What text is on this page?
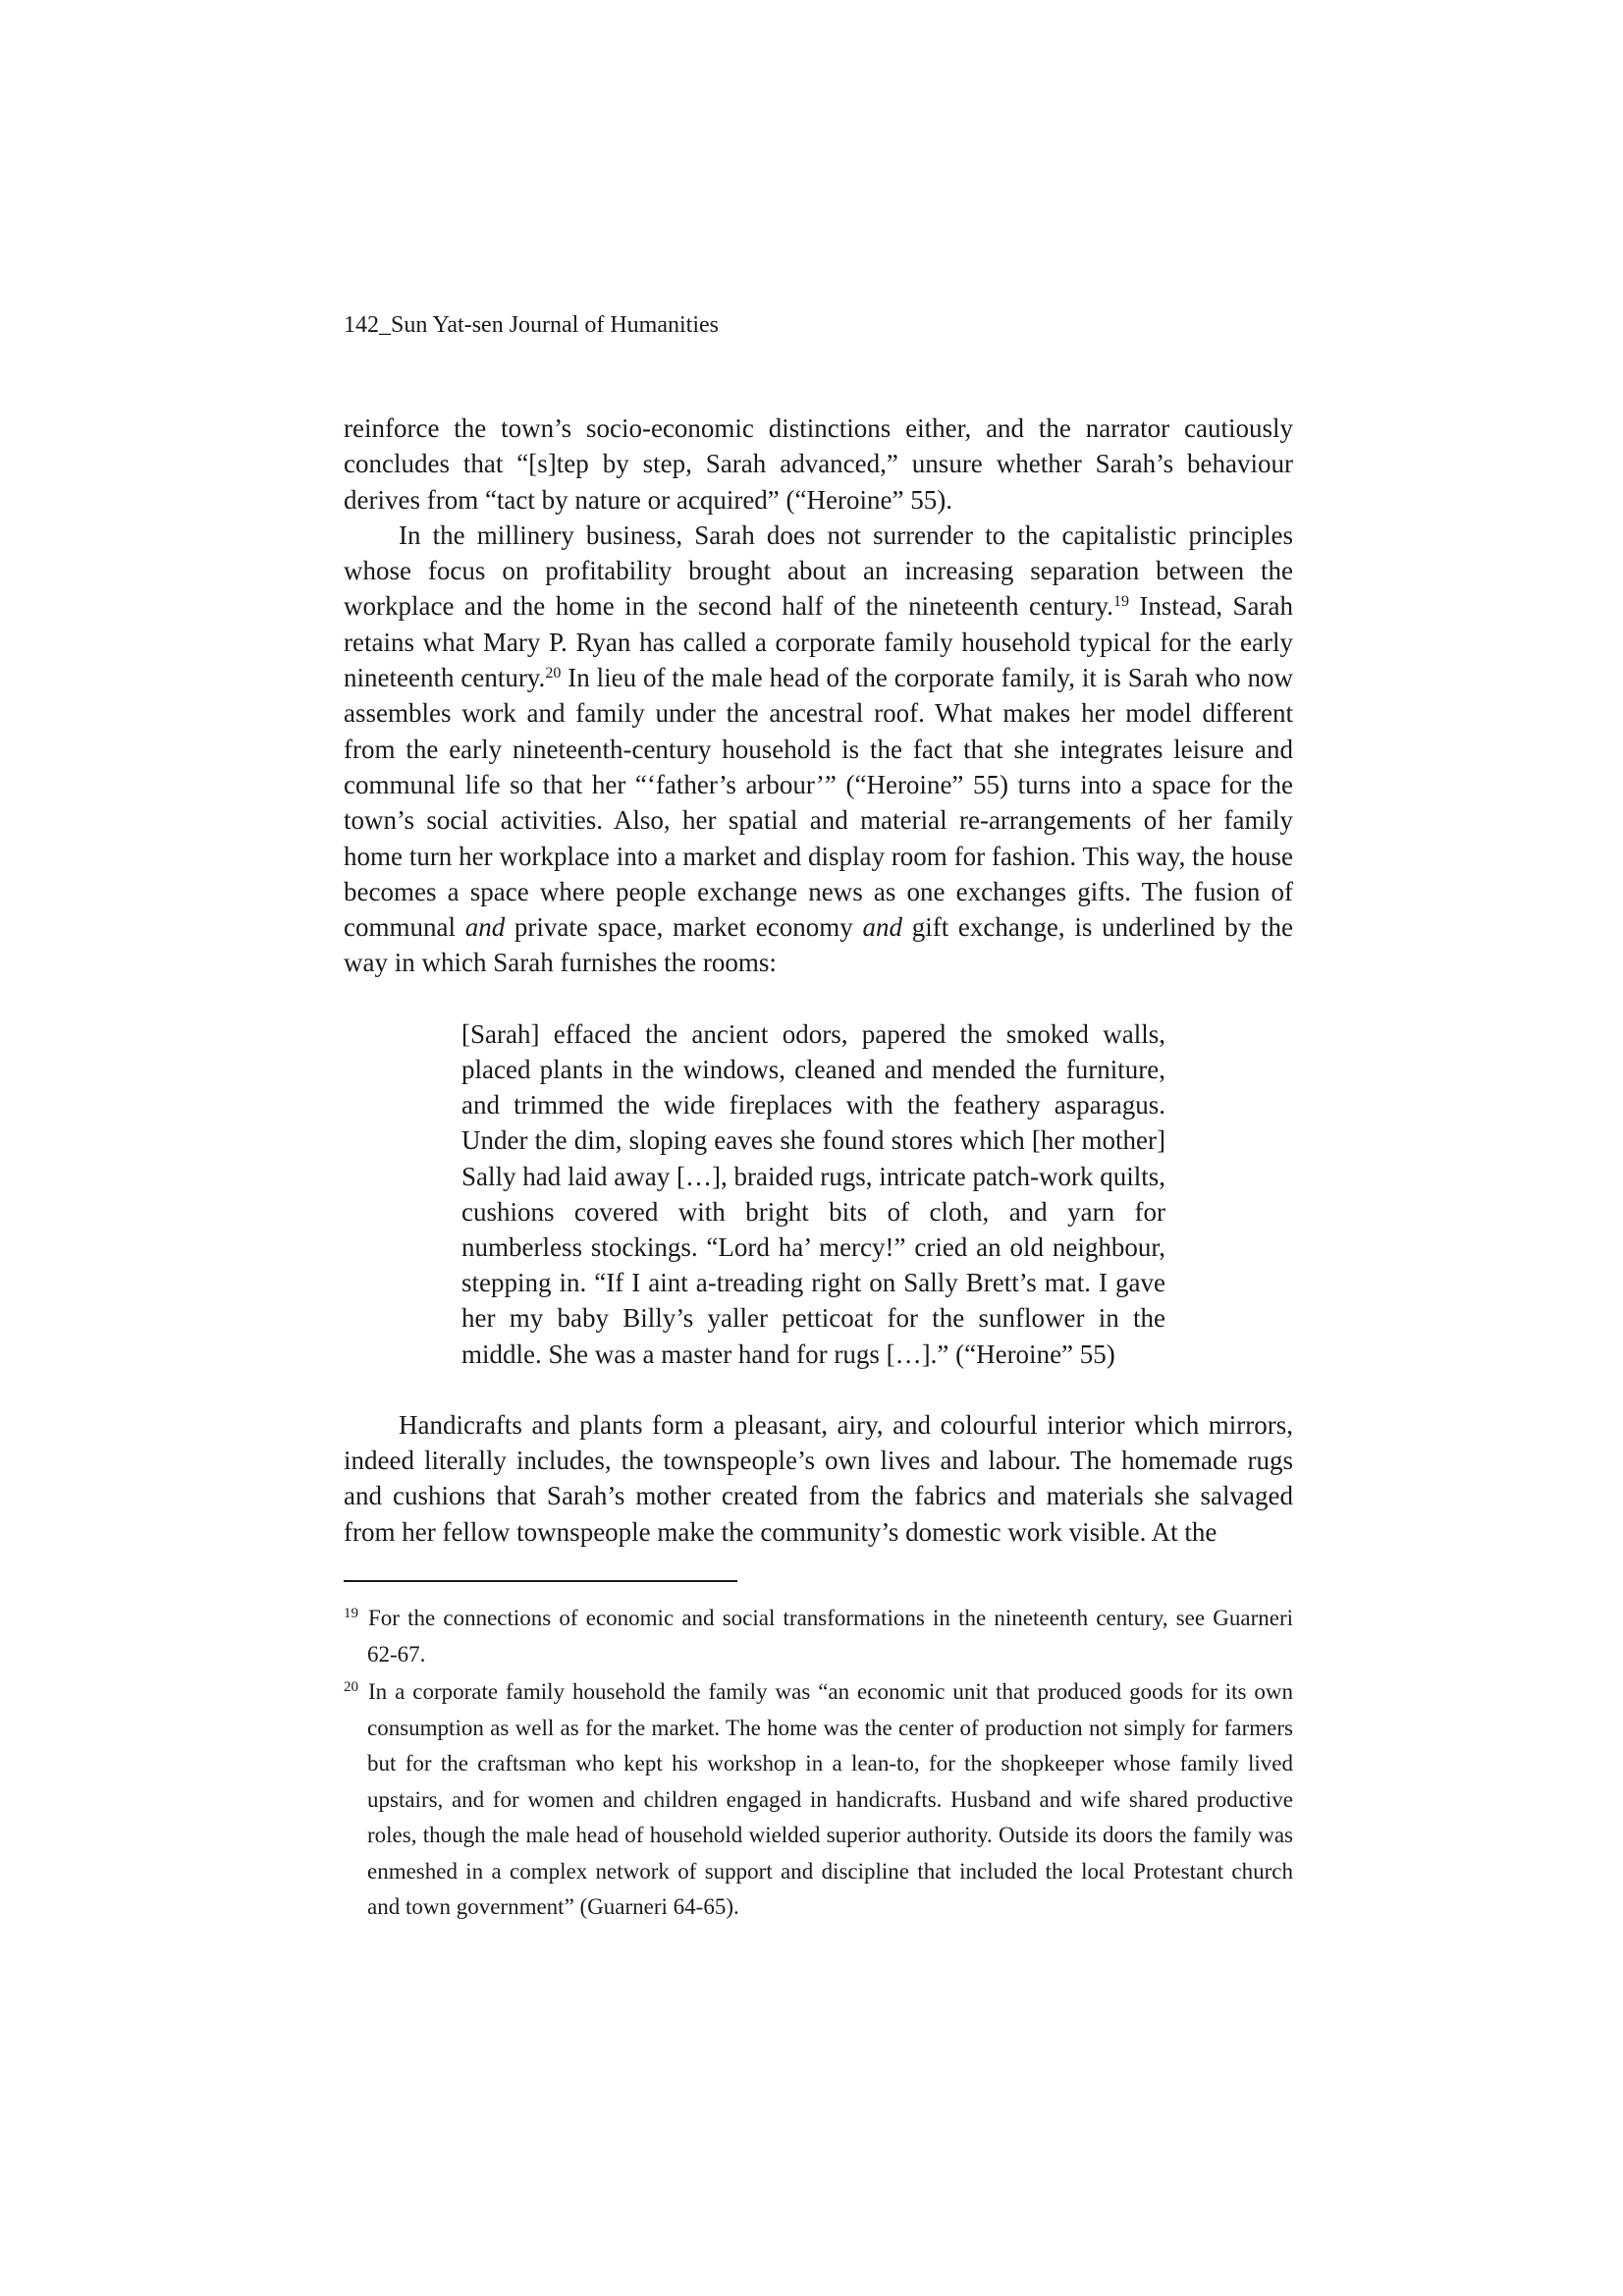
142_Sun Yat-sen Journal of Humanities

reinforce the town’s socio-economic distinctions either, and the narrator cautiously concludes that “[s]tep by step, Sarah advanced,” unsure whether Sarah’s behaviour derives from “tact by nature or acquired” (“Heroine” 55).

In the millinery business, Sarah does not surrender to the capitalistic principles whose focus on profitability brought about an increasing separation between the workplace and the home in the second half of the nineteenth century.$^{19}$ Instead, Sarah retains what Mary P. Ryan has called a corporate family household typical for the early nineteenth century.$^{20}$ In lieu of the male head of the corporate family, it is Sarah who now assembles work and family under the ancestral roof. What makes her model different from the early nineteenth-century household is the fact that she integrates leisure and communal life so that her “‘father’s arbour’” (“Heroine” 55) turns into a space for the town’s social activities. Also, her spatial and material re-arrangements of her family home turn her workplace into a market and display room for fashion. This way, the house becomes a space where people exchange news as one exchanges gifts. The fusion of communal and private space, market economy and gift exchange, is underlined by the way in which Sarah furnishes the rooms:

[Sarah] effaced the ancient odors, papered the smoked walls, placed plants in the windows, cleaned and mended the furniture, and trimmed the wide fireplaces with the feathery asparagus. Under the dim, sloping eaves she found stores which [her mother] Sally had laid away […], braided rugs, intricate patch-work quilts, cushions covered with bright bits of cloth, and yarn for numberless stockings. “Lord ha’ mercy!” cried an old neighbour, stepping in. “If I aint a-treading right on Sally Brett’s mat. I gave her my baby Billy’s yaller petticoat for the sunflower in the middle. She was a master hand for rugs […].” (“Heroine” 55)

Handicrafts and plants form a pleasant, airy, and colourful interior which mirrors, indeed literally includes, the townspeople’s own lives and labour. The homemade rugs and cushions that Sarah’s mother created from the fabrics and materials she salvaged from her fellow townspeople make the community’s domestic work visible. At the

$^{19}$ For the connections of economic and social transformations in the nineteenth century, see Guarneri 62-67.

$^{20}$ In a corporate family household the family was “an economic unit that produced goods for its own consumption as well as for the market. The home was the center of production not simply for farmers but for the craftsman who kept his workshop in a lean-to, for the shopkeeper whose family lived upstairs, and for women and children engaged in handicrafts. Husband and wife shared productive roles, though the male head of household wielded superior authority. Outside its doors the family was enmeshed in a complex network of support and discipline that included the local Protestant church and town government” (Guarneri 64-65).
